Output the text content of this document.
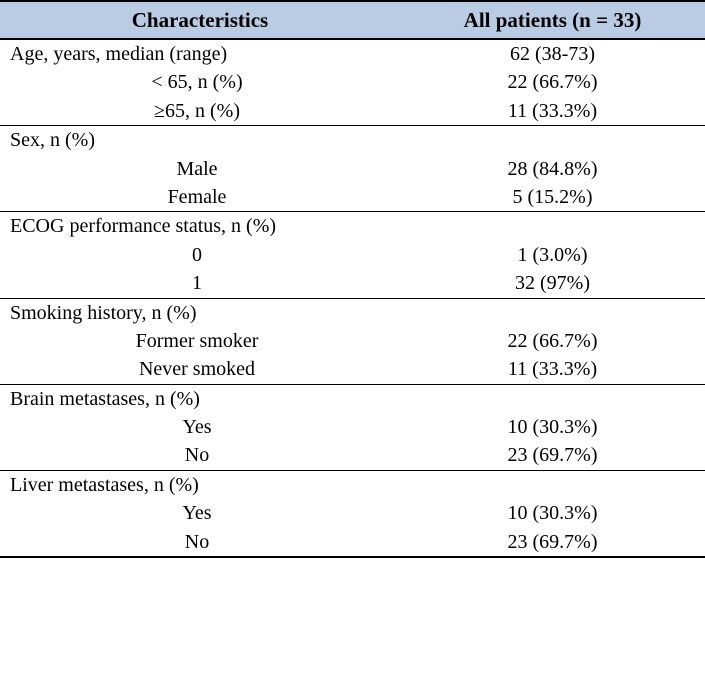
Characteristics	All patients (n = 33)
Age, years, median (range)	62 (38-73)
< 65, n (%)	22 (66.7%)
≥65, n (%)	11 (33.3%)
Sex, n (%)	
Male	28 (84.8%)
Female	5 (15.2%)
ECOG performance status, n (%)	
0	1 (3.0%)
1	32 (97%)
Smoking history, n (%)	
Former smoker	22 (66.7%)
Never smoked	11 (33.3%)
Brain metastases, n (%)	
Yes	10 (30.3%)
No	23 (69.7%)
Liver metastases, n (%)	
Yes	10 (30.3%)
No	23 (69.7%)
